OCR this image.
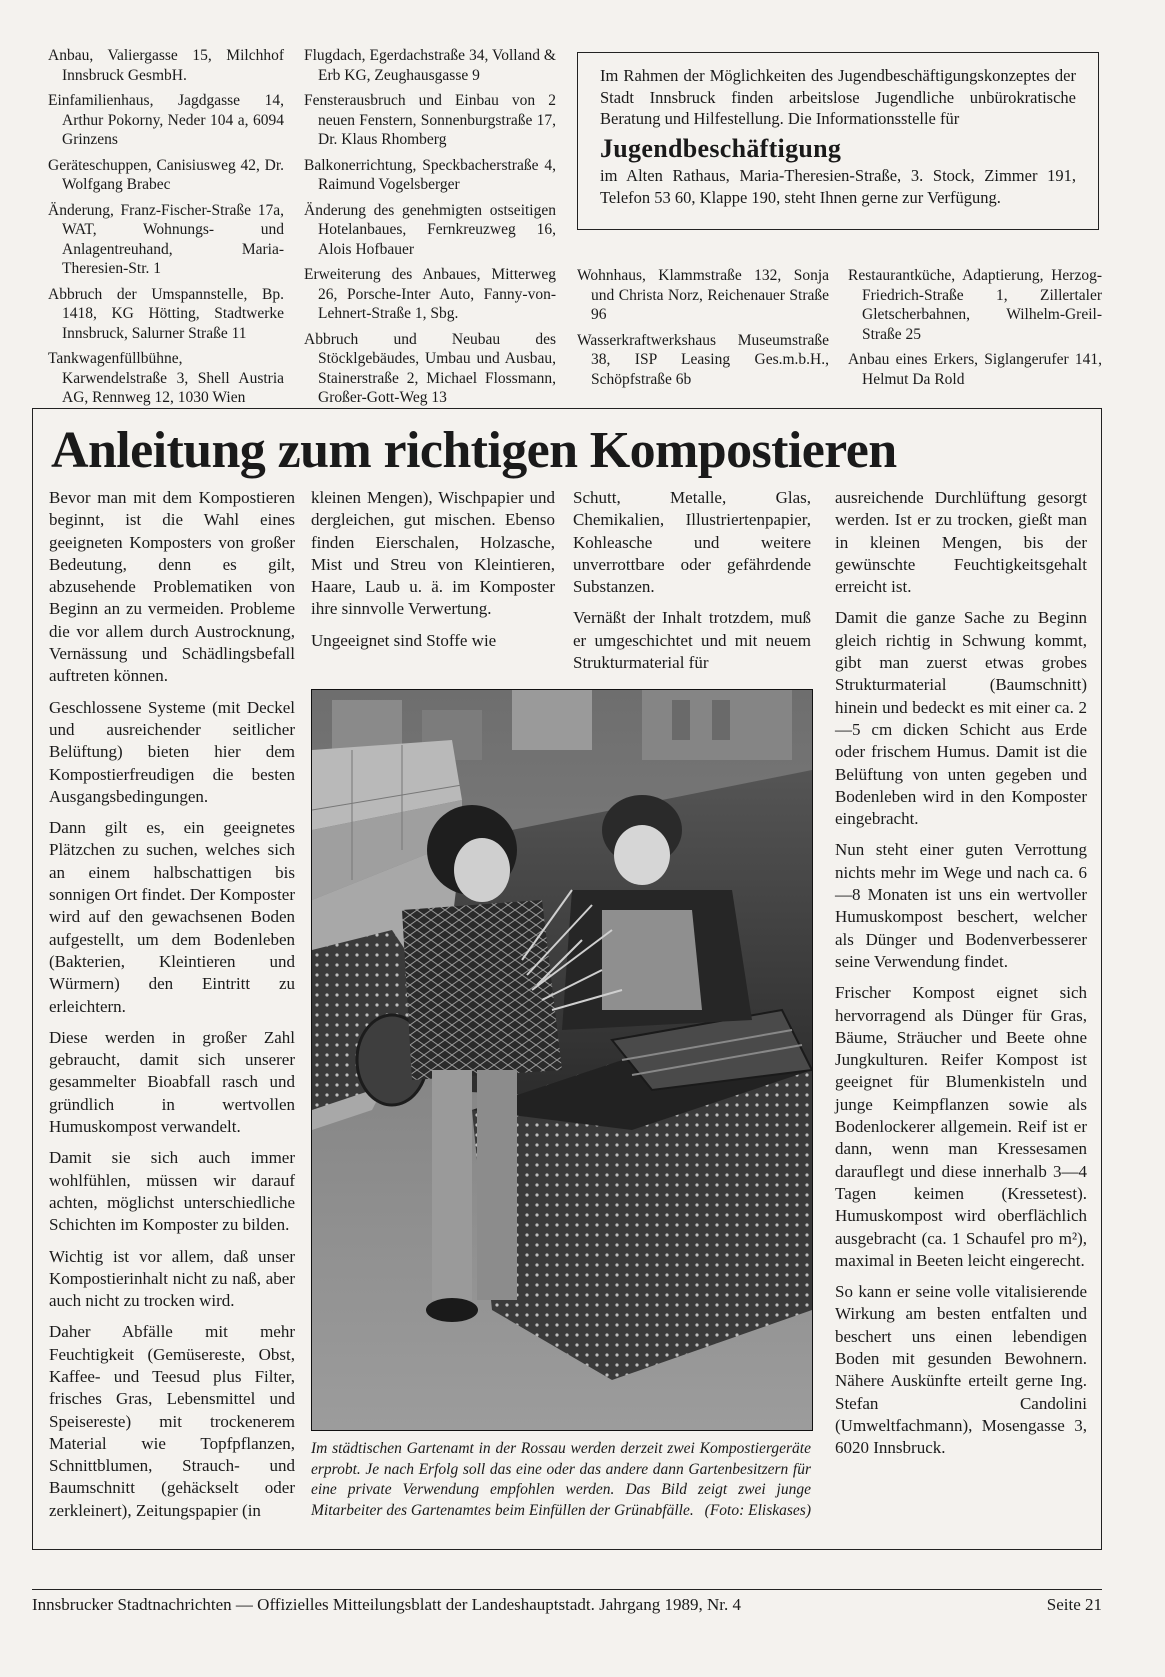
Anbau, Valiergasse 15, Milchhof Innsbruck GesmbH.
Einfamilienhaus, Jagdgasse 14, Arthur Pokorny, Neder 104 a, 6094 Grinzens
Geräteschuppen, Canisiusweg 42, Dr. Wolfgang Brabec
Änderung, Franz-Fischer-Straße 17a, WAT, Wohnungs- und Anlagentreuhand, Maria-Theresien-Str. 1
Abbruch der Umspannstelle, Bp. 1418, KG Hötting, Stadtwerke Innsbruck, Salurner Straße 11
Tankwagenfüllbühne, Karwendelstraße 3, Shell Austria AG, Rennweg 12, 1030 Wien
Flugdach, Egerdachstraße 34, Volland & Erb KG, Zeughausgasse 9
Fensterausbruch und Einbau von 2 neuen Fenstern, Sonnenburgstraße 17, Dr. Klaus Rhomberg
Balkonerrichtung, Speckbacherstraße 4, Raimund Vogelsberger
Änderung des genehmigten ostseitigen Hotelanbaues, Fernkreuzweg 16, Alois Hofbauer
Erweiterung des Anbaues, Mitterweg 26, Porsche-Inter Auto, Fanny-von-Lehnert-Straße 1, Sbg.
Abbruch und Neubau des Stöcklgebäudes, Umbau und Ausbau, Stainerstraße 2, Michael Flossmann, Großer-Gott-Weg 13
Im Rahmen der Möglichkeiten des Jugendbeschäftigungskonzeptes der Stadt Innsbruck finden arbeitslose Jugendliche unbürokratische Beratung und Hilfestellung. Die Informationsstelle für
Jugendbeschäftigung
im Alten Rathaus, Maria-Theresien-Straße, 3. Stock, Zimmer 191, Telefon 53 60, Klappe 190, steht Ihnen gerne zur Verfügung.
Wohnhaus, Klammstraße 132, Sonja und Christa Norz, Reichenauer Straße 96
Wasserkraftwerkshaus Museumstraße 38, ISP Leasing Ges.m.b.H., Schöpfstraße 6b
Restaurantküche, Adaptierung, Herzog-Friedrich-Straße 1, Zillertaler Gletscherbahnen, Wilhelm-Greil-Straße 25
Anbau eines Erkers, Siglangerufer 141, Helmut Da Rold
Anleitung zum richtigen Kompostieren
Bevor man mit dem Kompostieren beginnt, ist die Wahl eines geeigneten Komposters von großer Bedeutung, denn es gilt, abzusehende Problematiken von Beginn an zu vermeiden. Probleme die vor allem durch Austrocknung, Vernässung und Schädlingsbefall auftreten können.
Geschlossene Systeme (mit Deckel und ausreichender seitlicher Belüftung) bieten hier dem Kompostierfreudigen die besten Ausgangsbedingungen.
Dann gilt es, ein geeignetes Plätzchen zu suchen, welches sich an einem halbschattigen bis sonnigen Ort findet. Der Komposter wird auf den gewachsenen Boden aufgestellt, um dem Bodenleben (Bakterien, Kleintieren und Würmern) den Eintritt zu erleichtern.
Diese werden in großer Zahl gebraucht, damit sich unserer gesammelter Bioabfall rasch und gründlich in wertvollen Humuskompost verwandelt.
Damit sie sich auch immer wohlfühlen, müssen wir darauf achten, möglichst unterschiedliche Schichten im Komposter zu bilden.
Wichtig ist vor allem, daß unser Kompostierinhalt nicht zu naß, aber auch nicht zu trocken wird.
Daher Abfälle mit mehr Feuchtigkeit (Gemüsereste, Obst, Kaffee- und Teesud plus Filter, frisches Gras, Lebensmittel und Speisereste) mit trockenerem Material wie Topfpflanzen, Schnittblumen, Strauch- und Baumschnitt (gehäckselt oder zerkleinert), Zeitungspapier (in
kleinen Mengen), Wischpapier und dergleichen, gut mischen. Ebenso finden Eierschalen, Holzasche, Mist und Streu von Kleintieren, Haare, Laub u. ä. im Komposter ihre sinnvolle Verwertung.
Ungeeignet sind Stoffe wie
Schutt, Metalle, Glas, Chemikalien, Illustriertenpapier, Kohleasche und weitere unverrottbare oder gefährdende Substanzen.
Vernäßt der Inhalt trotzdem, muß er umgeschichtet und mit neuem Strukturmaterial für
ausreichende Durchlüftung gesorgt werden. Ist er zu trocken, gießt man in kleinen Mengen, bis der gewünschte Feuchtigkeitsgehalt erreicht ist.
Damit die ganze Sache zu Beginn gleich richtig in Schwung kommt, gibt man zuerst etwas grobes Strukturmaterial (Baumschnitt) hinein und bedeckt es mit einer ca. 2—5 cm dicken Schicht aus Erde oder frischem Humus. Damit ist die Belüftung von unten gegeben und Bodenleben wird in den Komposter eingebracht.
Nun steht einer guten Verrottung nichts mehr im Wege und nach ca. 6—8 Monaten ist uns ein wertvoller Humuskompost beschert, welcher als Dünger und Bodenverbesserer seine Verwendung findet.
Frischer Kompost eignet sich hervorragend als Dünger für Gras, Bäume, Sträucher und Beete ohne Jungkulturen. Reifer Kompost ist geeignet für Blumenkisteln und junge Keimpflanzen sowie als Bodenlockerer allgemein. Reif ist er dann, wenn man Kressesamen darauflegt und diese innerhalb 3—4 Tagen keimen (Kressetest). Humuskompost wird oberflächlich ausgebracht (ca. 1 Schaufel pro m²), maximal in Beeten leicht eingerecht.
So kann er seine volle vitalisierende Wirkung am besten entfalten und beschert uns einen lebendigen Boden mit gesunden Bewohnern. Nähere Auskünfte erteilt gerne Ing. Stefan Candolini (Umweltfachmann), Mosengasse 3, 6020 Innsbruck.
Im städtischen Gartenamt in der Rossau werden derzeit zwei Kompostiergeräte erprobt. Je nach Erfolg soll das eine oder das andere dann Gartenbesitzern für eine private Verwendung empfohlen werden. Das Bild zeigt zwei junge Mitarbeiter des Gartenamtes beim Einfüllen der Grünabfälle. (Foto: Eliskases)
Innsbrucker Stadtnachrichten — Offizielles Mitteilungsblatt der Landeshauptstadt. Jahrgang 1989, Nr. 4	Seite 21
